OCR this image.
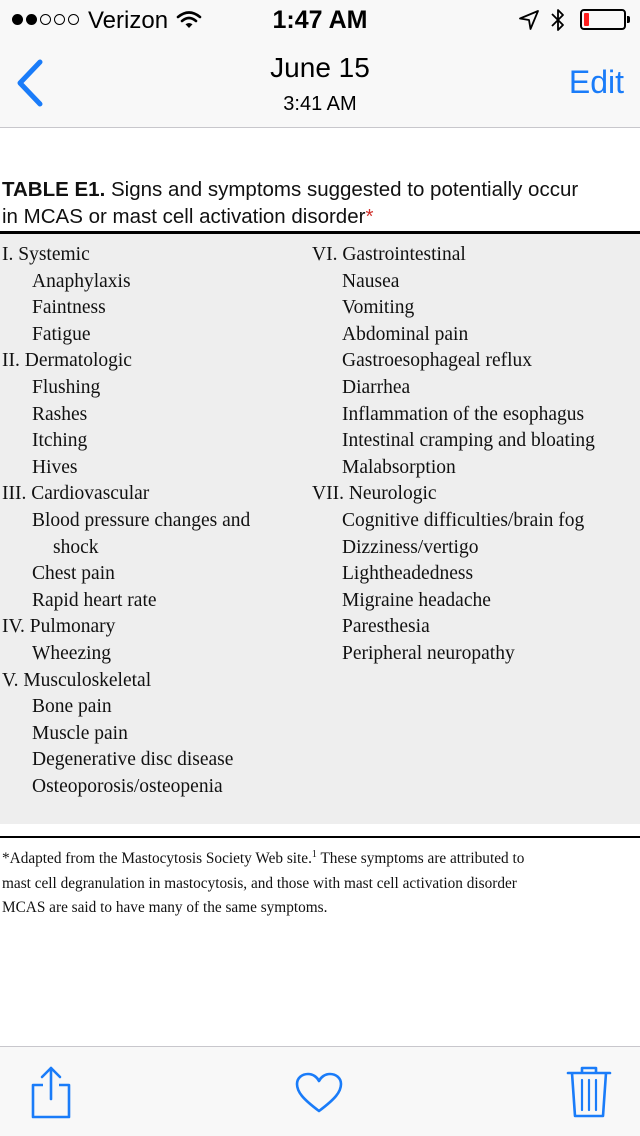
Verizon	1:47 AM
June 15
3:41 AM
Edit
TABLE E1. Signs and symptoms suggested to potentially occur
in MCAS or mast cell activation disorder*
I. Systemic
Anaphylaxis
Faintness
Fatigue
II. Dermatologic
Flushing
Rashes
Itching
Hives
III. Cardiovascular
Blood pressure changes and
shock
Chest pain
Rapid heart rate
IV. Pulmonary
Wheezing
V. Musculoskeletal
Bone pain
Muscle pain
Degenerative disc disease
Osteoporosis/osteopenia
VI. Gastrointestinal
Nausea
Vomiting
Abdominal pain
Gastroesophageal reflux
Diarrhea
Inflammation of the esophagus
Intestinal cramping and bloating
Malabsorption
VII. Neurologic
Cognitive difficulties/brain fog
Dizziness/vertigo
Lightheadedness
Migraine headache
Paresthesia
Peripheral neuropathy
*Adapted from the Mastocytosis Society Web site.$^1$ These symptoms are attributed to
mast cell degranulation in mastocytosis, and those with mast cell activation disorder
MCAS are said to have many of the same symptoms.
